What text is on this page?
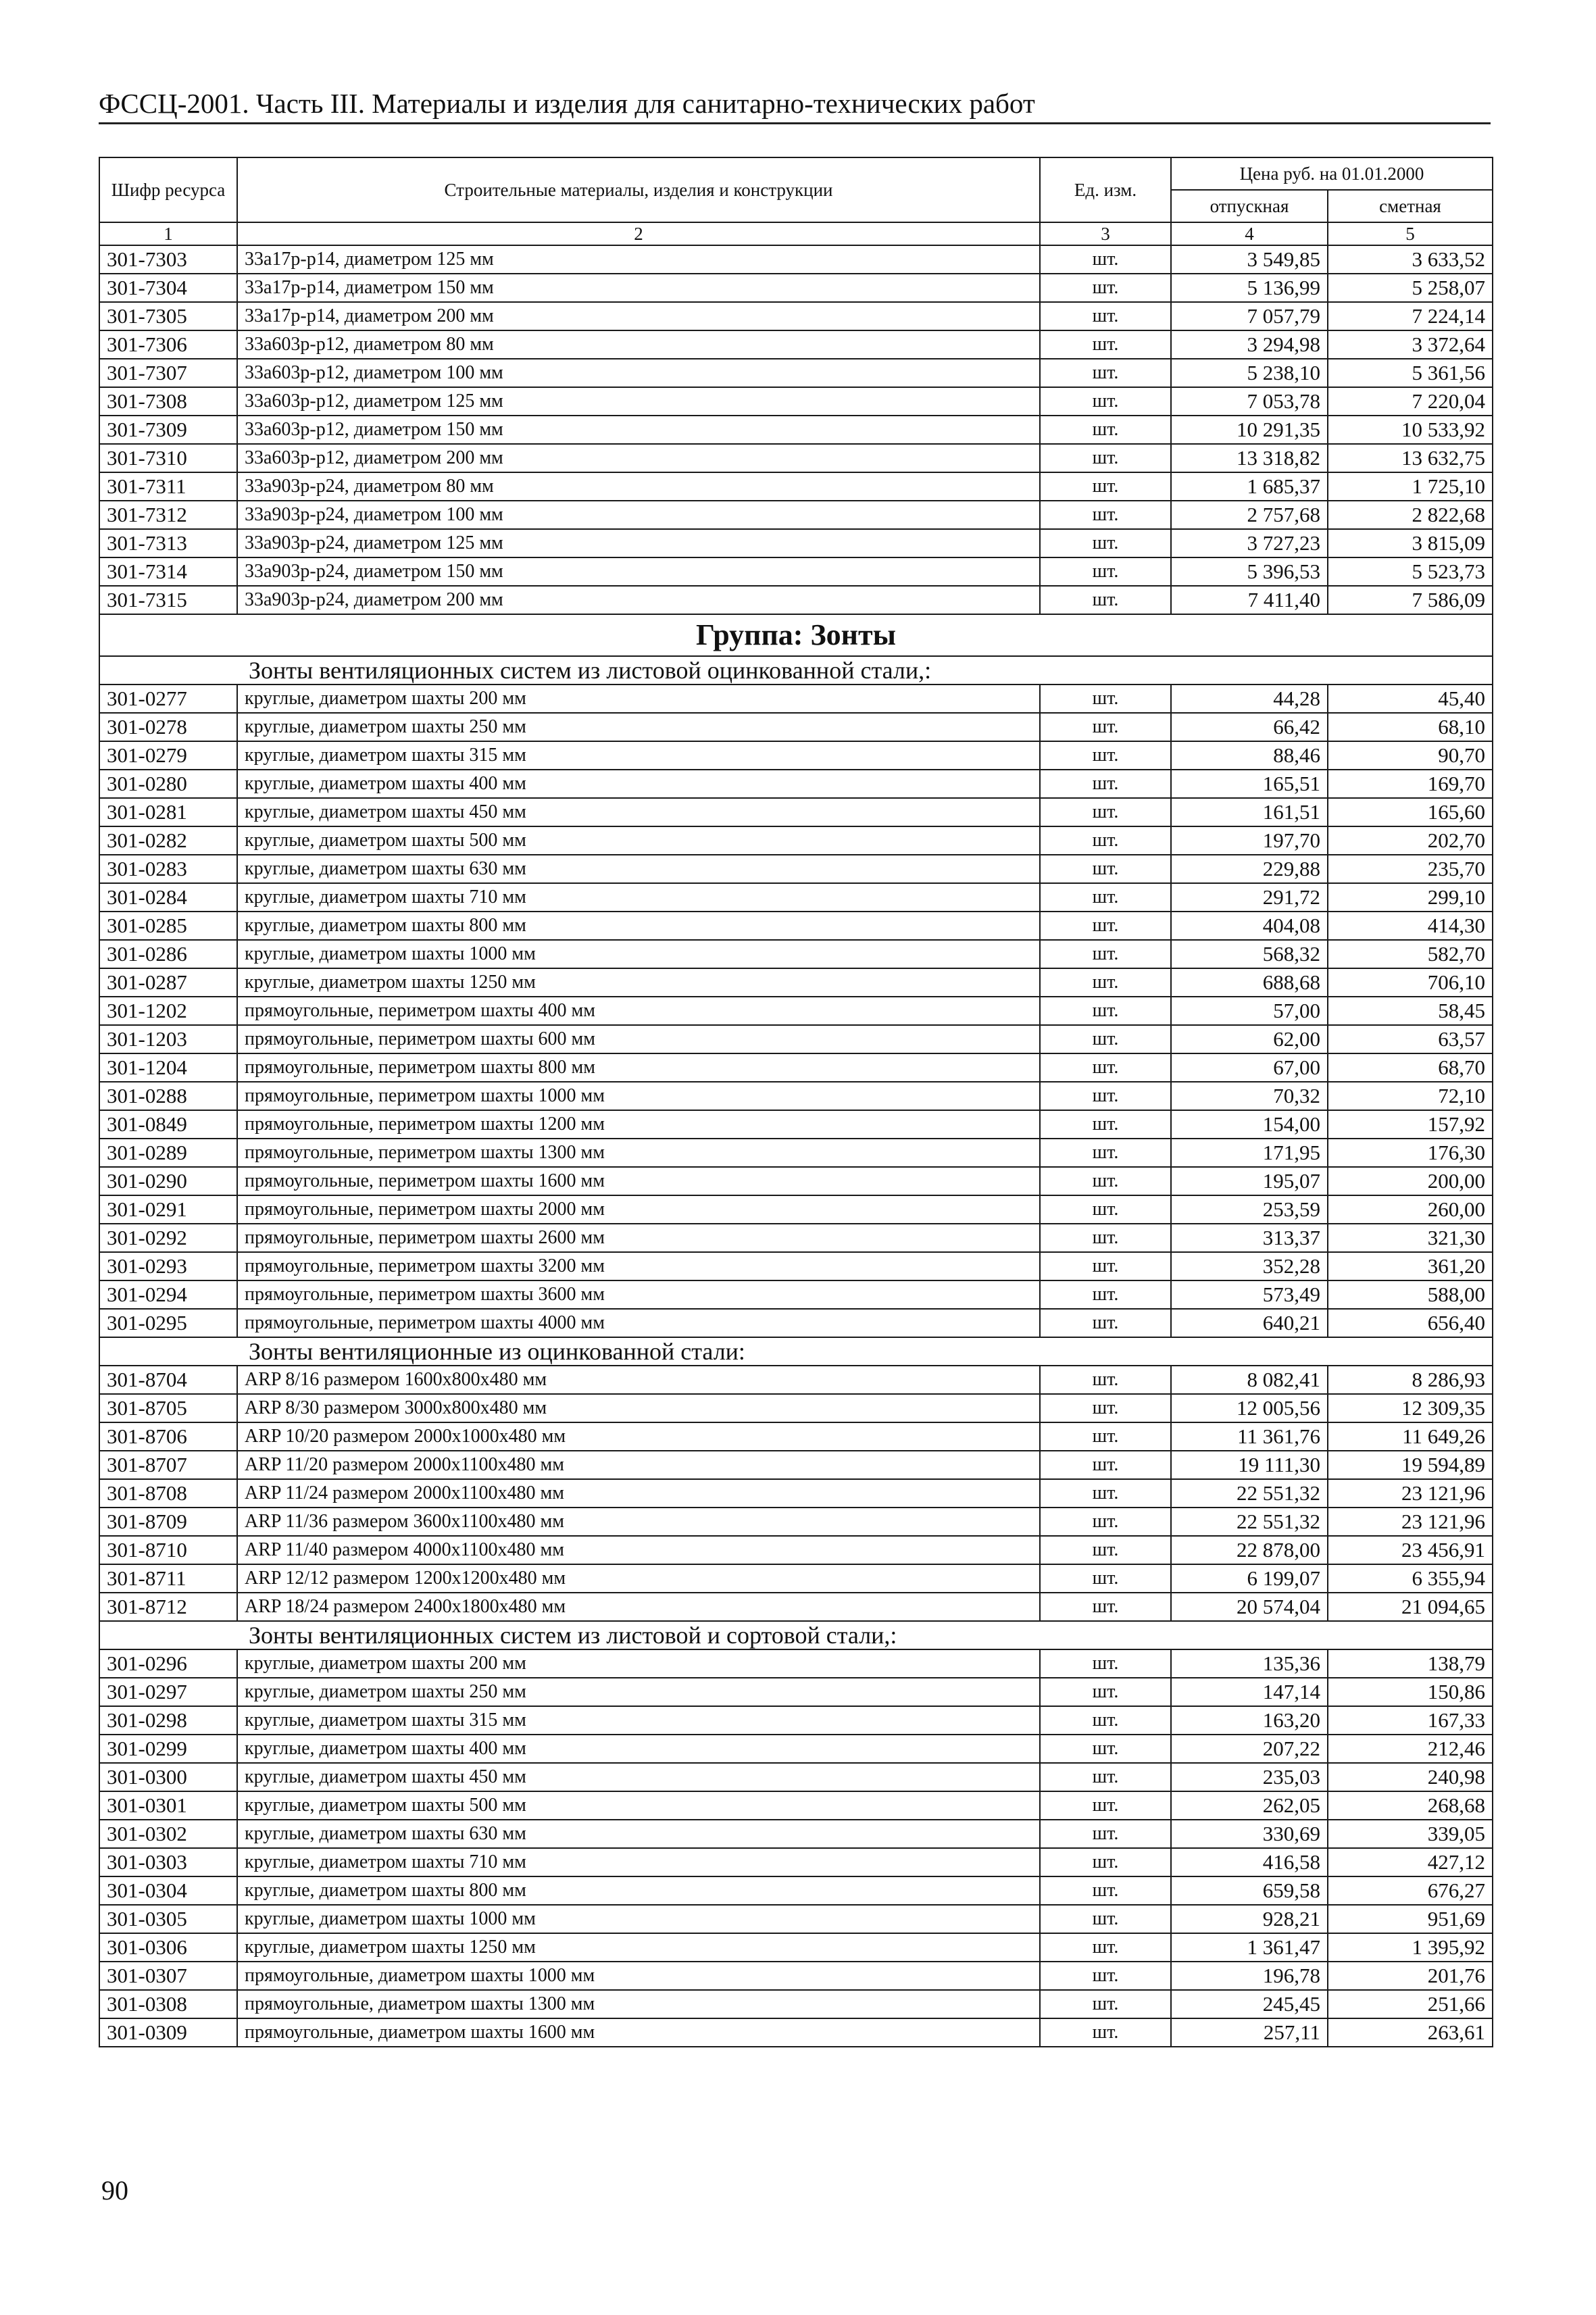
ФССЦ-2001. Часть III. Материалы и изделия для санитарно-технических работ
Шифр ресурса	Строительные материалы, изделия и конструкции	Ед. изм.	Цена руб. на 01.01.2000	
			отпускная	сметная
1	2	3	4	5
301-7303	33а17р-р14, диаметром 125 мм	шт.	3 549,85	3 633,52
301-7304	33а17р-р14, диаметром 150 мм	шт.	5 136,99	5 258,07
301-7305	33а17р-р14, диаметром 200 мм	шт.	7 057,79	7 224,14
301-7306	33а603р-р12, диаметром 80 мм	шт.	3 294,98	3 372,64
301-7307	33а603р-р12, диаметром 100 мм	шт.	5 238,10	5 361,56
301-7308	33а603р-р12, диаметром 125 мм	шт.	7 053,78	7 220,04
301-7309	33а603р-р12, диаметром 150 мм	шт.	10 291,35	10 533,92
301-7310	33а603р-р12, диаметром 200 мм	шт.	13 318,82	13 632,75
301-7311	33а903р-р24, диаметром 80 мм	шт.	1 685,37	1 725,10
301-7312	33а903р-р24, диаметром 100 мм	шт.	2 757,68	2 822,68
301-7313	33а903р-р24, диаметром 125 мм	шт.	3 727,23	3 815,09
301-7314	33а903р-р24, диаметром 150 мм	шт.	5 396,53	5 523,73
301-7315	33а903р-р24, диаметром 200 мм	шт.	7 411,40	7 586,09
Группа: Зонты				
Зонты вентиляционных систем из листовой оцинкованной стали,:				
301-0277	круглые, диаметром шахты 200 мм	шт.	44,28	45,40
301-0278	круглые, диаметром шахты 250 мм	шт.	66,42	68,10
301-0279	круглые, диаметром шахты 315 мм	шт.	88,46	90,70
301-0280	круглые, диаметром шахты 400 мм	шт.	165,51	169,70
301-0281	круглые, диаметром шахты 450 мм	шт.	161,51	165,60
301-0282	круглые, диаметром шахты 500 мм	шт.	197,70	202,70
301-0283	круглые, диаметром шахты 630 мм	шт.	229,88	235,70
301-0284	круглые, диаметром шахты 710 мм	шт.	291,72	299,10
301-0285	круглые, диаметром шахты 800 мм	шт.	404,08	414,30
301-0286	круглые, диаметром шахты 1000 мм	шт.	568,32	582,70
301-0287	круглые, диаметром шахты 1250 мм	шт.	688,68	706,10
301-1202	прямоугольные, периметром шахты 400 мм	шт.	57,00	58,45
301-1203	прямоугольные, периметром шахты 600 мм	шт.	62,00	63,57
301-1204	прямоугольные, периметром шахты 800 мм	шт.	67,00	68,70
301-0288	прямоугольные, периметром шахты 1000 мм	шт.	70,32	72,10
301-0849	прямоугольные, периметром шахты 1200 мм	шт.	154,00	157,92
301-0289	прямоугольные, периметром шахты 1300 мм	шт.	171,95	176,30
301-0290	прямоугольные, периметром шахты 1600 мм	шт.	195,07	200,00
301-0291	прямоугольные, периметром шахты 2000 мм	шт.	253,59	260,00
301-0292	прямоугольные, периметром шахты 2600 мм	шт.	313,37	321,30
301-0293	прямоугольные, периметром шахты 3200 мм	шт.	352,28	361,20
301-0294	прямоугольные, периметром шахты 3600 мм	шт.	573,49	588,00
301-0295	прямоугольные, периметром шахты 4000 мм	шт.	640,21	656,40
Зонты вентиляционные из оцинкованной стали:				
301-8704	ARP 8/16 размером 1600x800x480 мм	шт.	8 082,41	8 286,93
301-8705	ARP 8/30 размером 3000x800x480 мм	шт.	12 005,56	12 309,35
301-8706	ARP 10/20 размером 2000x1000x480 мм	шт.	11 361,76	11 649,26
301-8707	ARP 11/20 размером 2000x1100x480 мм	шт.	19 111,30	19 594,89
301-8708	ARP 11/24 размером 2000x1100x480 мм	шт.	22 551,32	23 121,96
301-8709	ARP 11/36 размером 3600x1100x480 мм	шт.	22 551,32	23 121,96
301-8710	ARP 11/40 размером 4000x1100x480 мм	шт.	22 878,00	23 456,91
301-8711	ARP 12/12 размером 1200x1200x480 мм	шт.	6 199,07	6 355,94
301-8712	ARP 18/24 размером 2400x1800x480 мм	шт.	20 574,04	21 094,65
Зонты вентиляционных систем из листовой и сортовой стали,:				
301-0296	круглые, диаметром шахты 200 мм	шт.	135,36	138,79
301-0297	круглые, диаметром шахты 250 мм	шт.	147,14	150,86
301-0298	круглые, диаметром шахты 315 мм	шт.	163,20	167,33
301-0299	круглые, диаметром шахты 400 мм	шт.	207,22	212,46
301-0300	круглые, диаметром шахты 450 мм	шт.	235,03	240,98
301-0301	круглые, диаметром шахты 500 мм	шт.	262,05	268,68
301-0302	круглые, диаметром шахты 630 мм	шт.	330,69	339,05
301-0303	круглые, диаметром шахты 710 мм	шт.	416,58	427,12
301-0304	круглые, диаметром шахты 800 мм	шт.	659,58	676,27
301-0305	круглые, диаметром шахты 1000 мм	шт.	928,21	951,69
301-0306	круглые, диаметром шахты 1250 мм	шт.	1 361,47	1 395,92
301-0307	прямоугольные, диаметром шахты 1000 мм	шт.	196,78	201,76
301-0308	прямоугольные, диаметром шахты 1300 мм	шт.	245,45	251,66
301-0309	прямоугольные, диаметром шахты 1600 мм	шт.	257,11	263,61
90
